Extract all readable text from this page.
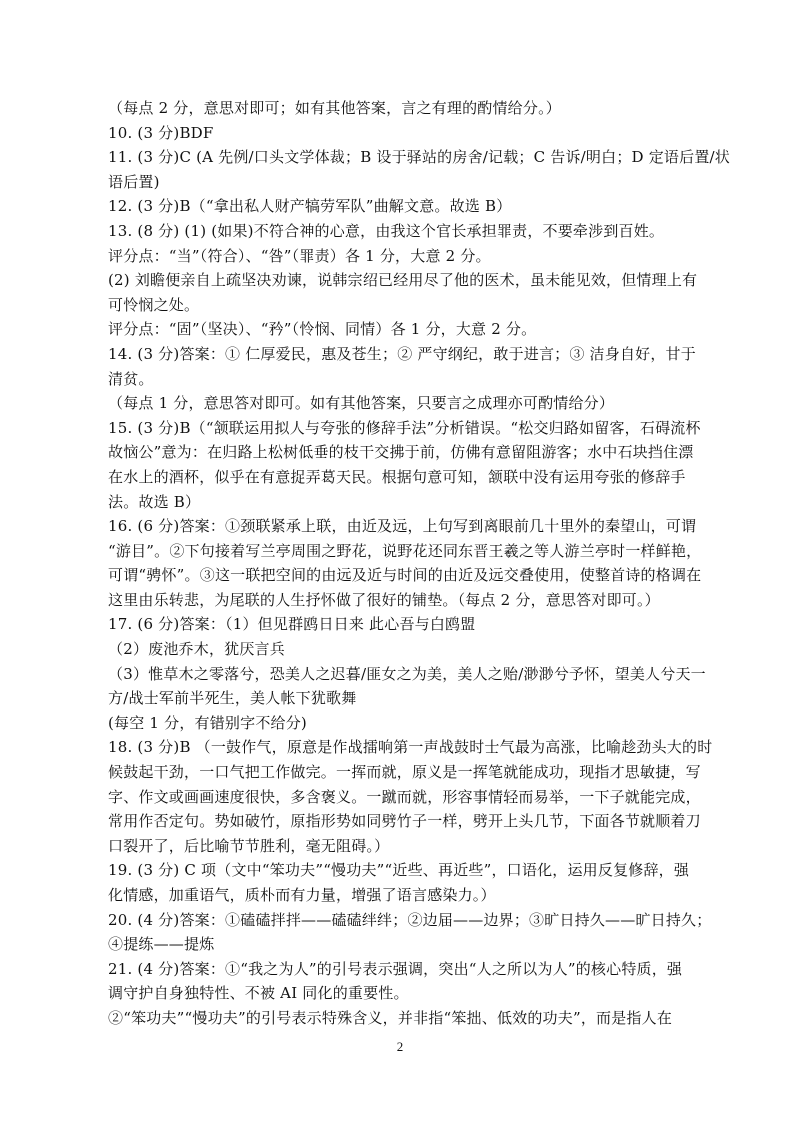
（每点 2 分，意思对即可；如有其他答案，言之有理的酌情给分。）
10. (3 分)BDF
11. (3 分)C (A 先例/口头文学体裁；B 设于驿站的房舍/记载；C 告诉/明白；D 定语后置/状
语后置)
12. (3 分)B（“拿出私人财产犒劳军队”曲解文意。故选 B）
13. (8 分) (1) (如果)不符合神的心意，由我这个官长承担罪责，不要牵涉到百姓。
评分点：“当”（符合）、“咎”（罪责）各 1 分，大意 2 分。
(2) 刘瞻便亲自上疏坚决劝谏，说韩宗绍已经用尽了他的医术，虽未能见效，但情理上有
可怜悯之处。
评分点：“固”（坚决）、“矜”（怜悯、同情）各 1 分，大意 2 分。
14. (3 分)答案：① 仁厚爱民，惠及苍生；② 严守纲纪，敢于进言；③ 洁身自好，甘于
清贫。
（每点 1 分，意思答对即可。如有其他答案，只要言之成理亦可酌情给分）
15. (3 分)B（“颔联运用拟人与夸张的修辞手法”分析错误。“松交归路如留客，石碍流杯
故恼公”意为：在归路上松树低垂的枝干交拂于前，仿佛有意留阻游客；水中石块挡住漂
在水上的酒杯，似乎在有意捉弄葛天民。根据句意可知，颔联中没有运用夸张的修辞手
法。故选 B）
16. (6 分)答案：①颈联紧承上联，由近及远，上句写到离眼前几十里外的秦望山，可谓
“游目”。②下句接着写兰亭周围之野花，说野花还同东晋王羲之等人游兰亭时一样鲜艳，
可谓“骋怀”。③这一联把空间的由远及近与时间的由近及远交叠使用，使整首诗的格调在
这里由乐转悲，为尾联的人生抒怀做了很好的铺垫。（每点 2 分，意思答对即可。）
17. (6 分)答案：（1）但见群鸥日日来 此心吾与白鸥盟
（2）废池乔木，犹厌言兵
（3）惟草木之零落兮，恐美人之迟暮/匪女之为美，美人之贻/渺渺兮予怀，望美人兮天一
方/战士军前半死生，美人帐下犹歌舞
(每空 1 分，有错别字不给分)
18. (3 分)B （一鼓作气，原意是作战擂响第一声战鼓时士气最为高涨，比喻趁劲头大的时
候鼓起干劲，一口气把工作做完。一挥而就，原义是一挥笔就能成功，现指才思敏捷，写
字、作文或画画速度很快，多含褒义。一蹴而就，形容事情轻而易举，一下子就能完成，
常用作否定句。势如破竹，原指形势如同劈竹子一样，劈开上头几节，下面各节就顺着刀
口裂开了，后比喻节节胜利，毫无阻碍。）
19. (3 分) C 项（文中“笨功夫”“慢功夫”“近些、再近些”，口语化，运用反复修辞，强
化情感，加重语气，质朴而有力量，增强了语言感染力。）
20. (4 分)答案：①磕磕拌拌——磕磕绊绊；②边届——边界；③旷日持久——旷日持久；
④提练——提炼
21. (4 分)答案：①“我之为人”的引号表示强调，突出“人之所以为人”的核心特质，强
调守护自身独特性、不被 AI 同化的重要性。
②“笨功夫”“慢功夫”的引号表示特殊含义，并非指“笨拙、低效的功夫”，而是指人在
2
